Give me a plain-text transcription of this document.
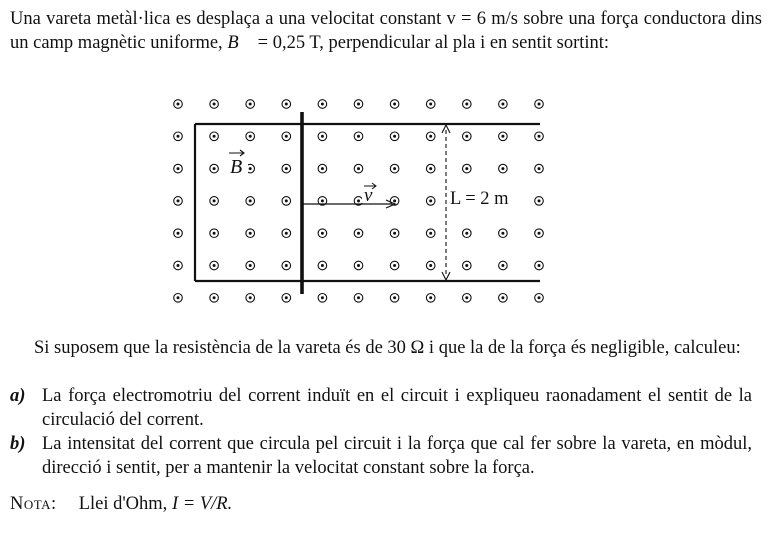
Una vareta metàl·lica es desplaça a una velocitat constant v = 6 m/s sobre una força conductora dins un camp magnètic uniforme, B = 0,25 T, perpendicular al pla i en sentit sortint:
B
v	L = 2 m
Si suposem que la resistència de la vareta és de 30 Ω i que la de la força és negligible, calculeu:
a) La força electromotriu del corrent induït en el circuit i expliqueu raonadament el sentit de la circulació del corrent.
b) La intensitat del corrent que circula pel circuit i la força que cal fer sobre la vareta, en mòdul, direcció i sentit, per a mantenir la velocitat constant sobre la força.
Nota: Llei d'Ohm, I = V/R.
